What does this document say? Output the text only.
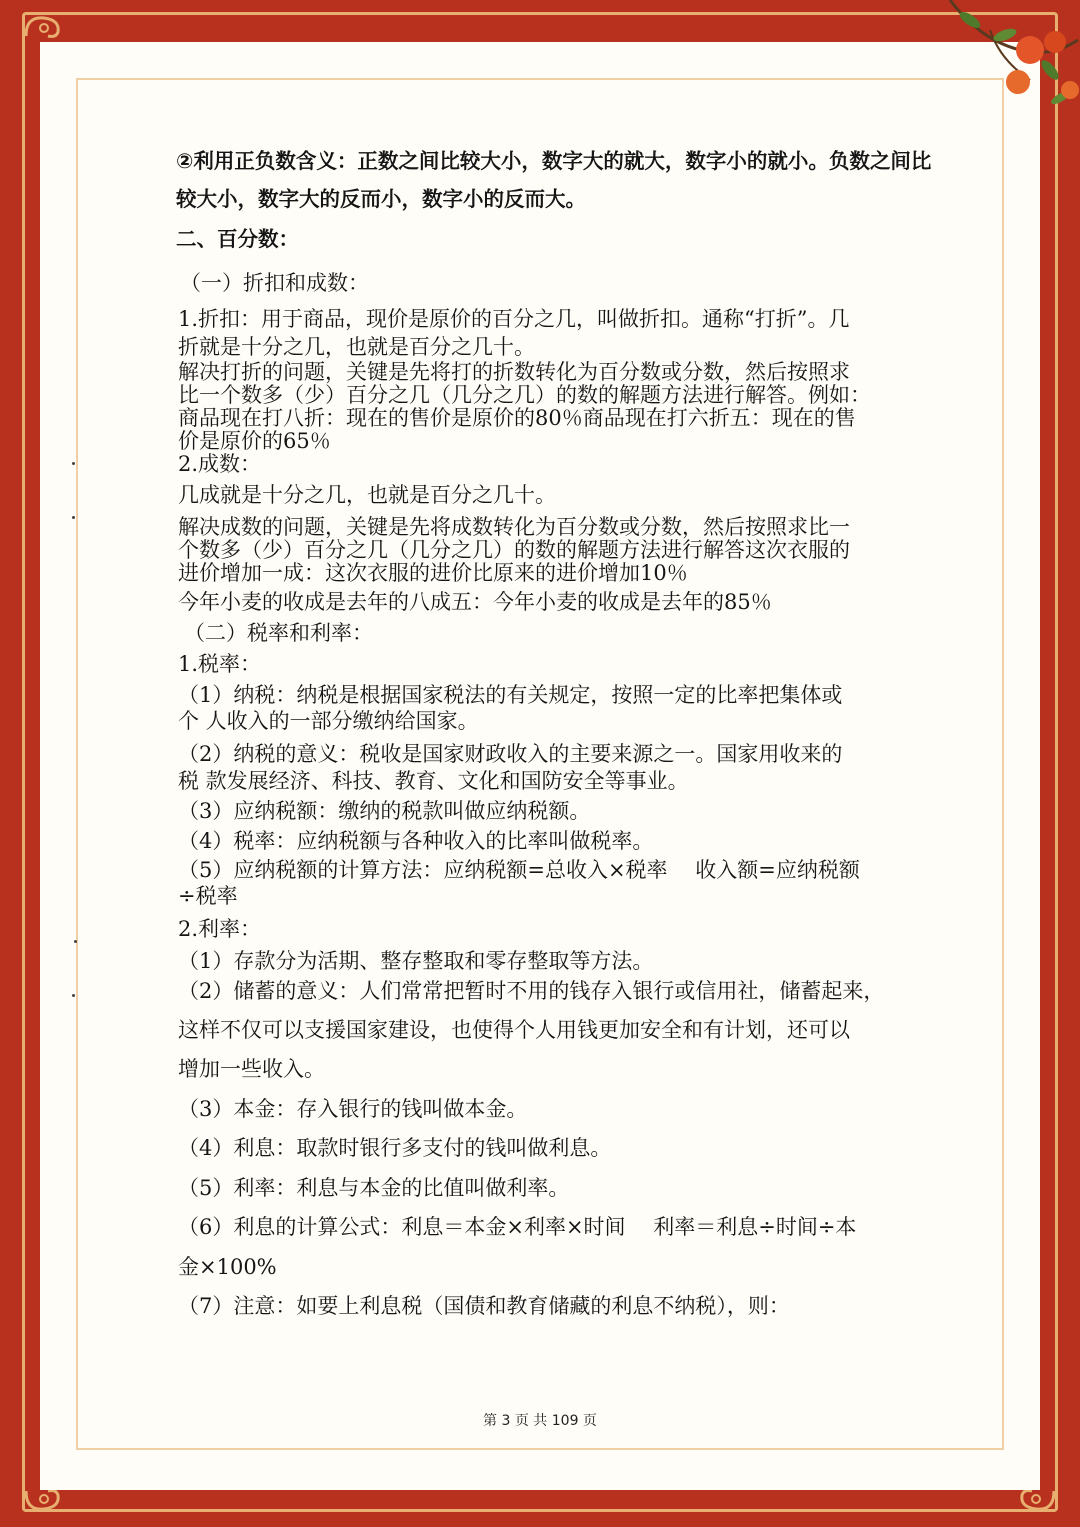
②利用正负数含义：正数之间比较大小，数字大的就大，数字小的就小。负数之间比

较大小，数字大的反而小，数字小的反而大。

二、百分数：

（一）折扣和成数：

1.折扣：用于商品，现价是原价的百分之几，叫做折扣。通称“打折”。几

折就是十分之几，也就是百分之几十。

解决打折的问题，关键是先将打的折数转化为百分数或分数，然后按照求

比一个数多（少）百分之几（几分之几）的数的解题方法进行解答。例如：

商品现在打八折：现在的售价是原价的80％商品现在打六折五：现在的售

价是原价的65％

2.成数：

几成就是十分之几，也就是百分之几十。

解决成数的问题，关键是先将成数转化为百分数或分数，然后按照求比一

个数多（少）百分之几（几分之几）的数的解题方法进行解答这次衣服的

进价增加一成：这次衣服的进价比原来的进价增加10％

今年小麦的收成是去年的八成五：今年小麦的收成是去年的85％

（二）税率和利率：

1.税率：

（1）纳税：纳税是根据国家税法的有关规定，按照一定的比率把集体或

个 人收入的一部分缴纳给国家。

（2）纳税的意义：税收是国家财政收入的主要来源之一。国家用收来的

税 款发展经济、科技、教育、文化和国防安全等事业。

（3）应纳税额：缴纳的税款叫做应纳税额。

（4）税率：应纳税额与各种收入的比率叫做税率。

（5）应纳税额的计算方法：应纳税额=总收入×税率　 收入额=应纳税额

÷税率

2.利率：

（1）存款分为活期、整存整取和零存整取等方法。

（2）储蓄的意义：人们常常把暂时不用的钱存入银行或信用社，储蓄起来，

这样不仅可以支援国家建设，也使得个人用钱更加安全和有计划，还可以

增加一些收入。

（3）本金：存入银行的钱叫做本金。

（4）利息：取款时银行多支付的钱叫做利息。

（5）利率：利息与本金的比值叫做利率。

（6）利息的计算公式：利息＝本金×利率×时间　 利率＝利息÷时间÷本

金×100%

（7）注意：如要上利息税（国债和教育储藏的利息不纳税），则：

第 3 页 共 109 页
